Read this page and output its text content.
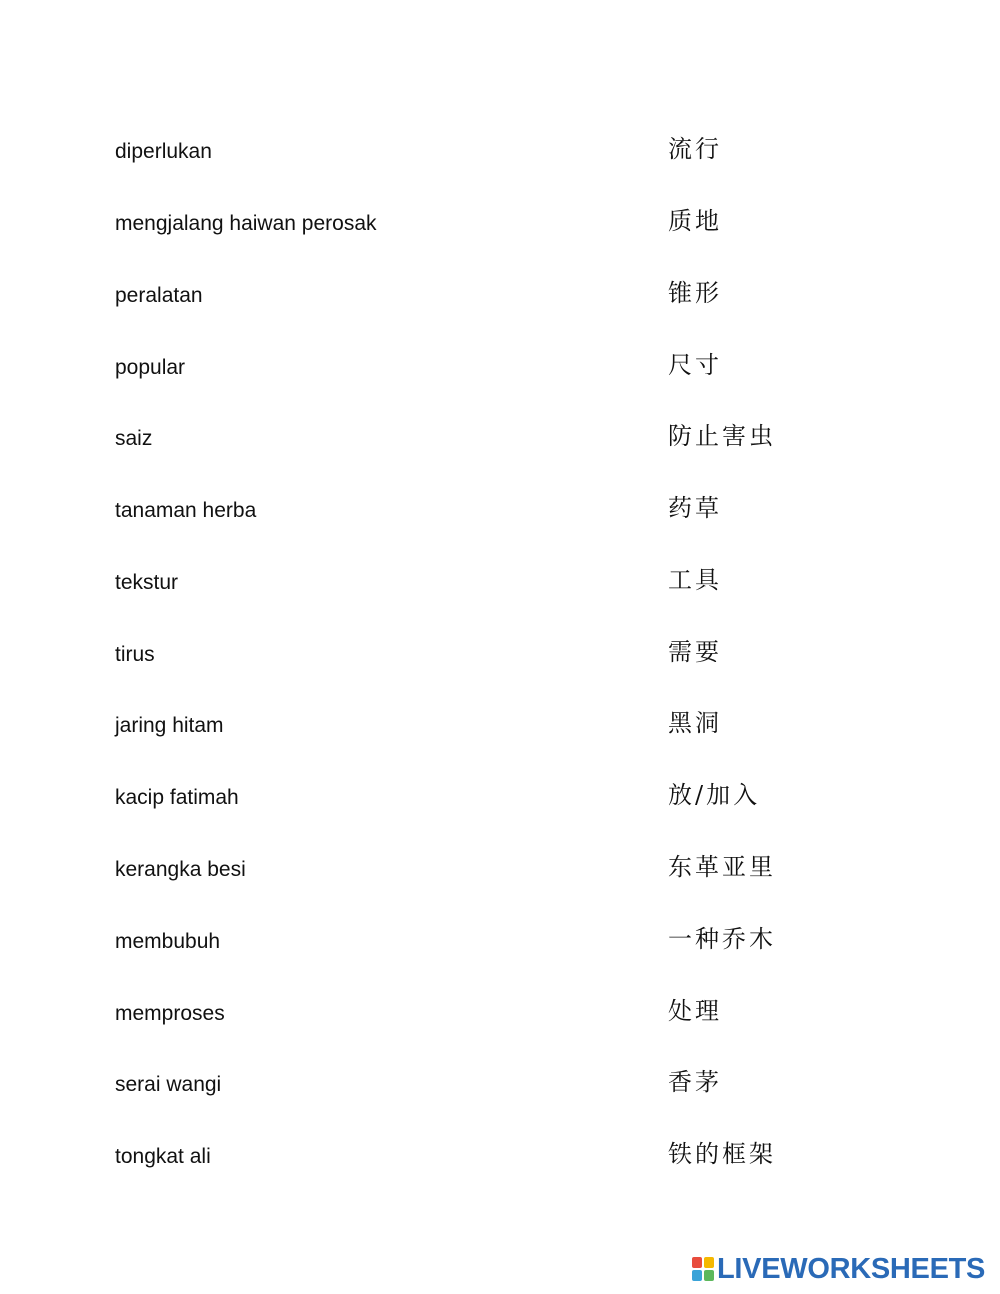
diperlukan	流行
mengjalang haiwan perosak	质地
peralatan	锥形
popular	尺寸
saiz	防止害虫
tanaman herba	药草
tekstur	工具
tirus	需要
jaring hitam	黑洞
kacip fatimah	放/加入
kerangka besi	东革亚里
membubuh	一种乔木
memproses	处理
serai wangi	香茅
tongkat ali	铁的框架
LIVEWORKSHEETS
